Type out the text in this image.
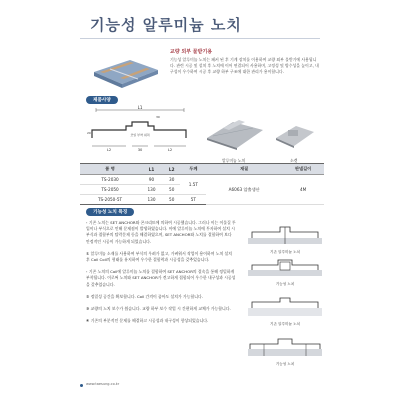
기능성 알루미늄 노치
교량 외부 물받기용
기능성 알루미늄 노치는 패커 된 후 기계 장치를 이용하여 교량 외부 물받기에 사용됩니다. 관련 시공 및 설치 후 노치에 이어 연결되어 사용하며, 고정성 및 방수성을 높이고, 내구성이 우수하여 시공 후 교량 하부 구조에 대한 관리가 용이합니다.
제품사양
L1
20	코일 부착 위치
L2	30	L2
30
알루미늄 노치	소켓
품 명	L1	L2	두께	재질	판넬길이
TS-2030	90	30	1.5T	A6063 압출생산	4M
TS-2050	130	50			
TS-2050-5T	130	50	5T		
기능성 노치 특징
· 기존 노치는 SET ANCHOR와 콘크리트에 의하여 시공했습니다. 그러나 이는 이물질 투입이나 부식으로 인해 문제점이 발생하였습니다. 이에 알루미늄 노치에 투자하여 설치 시 부식과 접합부의 탈락문제 등을 해결하였으며, SET ANCHOR와 노치를 결합하여 보다 안정적인 시공이 가능하게 되었습니다.
① 알루미늄 소재를 사용하여 부식의 우려가 없고, 가벼워서 작업이 용이하며 노치 설치 후 Coil Coil의 형태를 유지하여 우수한 결합력과 시공성을 갖추었습니다.
· 기존 노치의 Coil에 알루미늄 노치를 결합하여 SET ANCHOR의 결속을 통해 정밀하게 부착됩니다. 이로써 노치와 SET ANCHOR가 견고하게 접합되어 우수한 내구성과 시공성을 갖추었습니다.
② 정밀성 공간을 확보합니다. Coil 간격이 좁아도 설치가 가능합니다.
③ 교량의 노치 보수가 쉽습니다. 교량 하부 보수 작업 시 간편하게 교체가 가능합니다.
④ 기존의 부분적인 문제를 해결하고 시공성과 내구성이 향상되었습니다.
기존 알루미늄 노치
기능성 노치
기존 알루미늄 노치
기능성 노치
www.taesung.co.kr
